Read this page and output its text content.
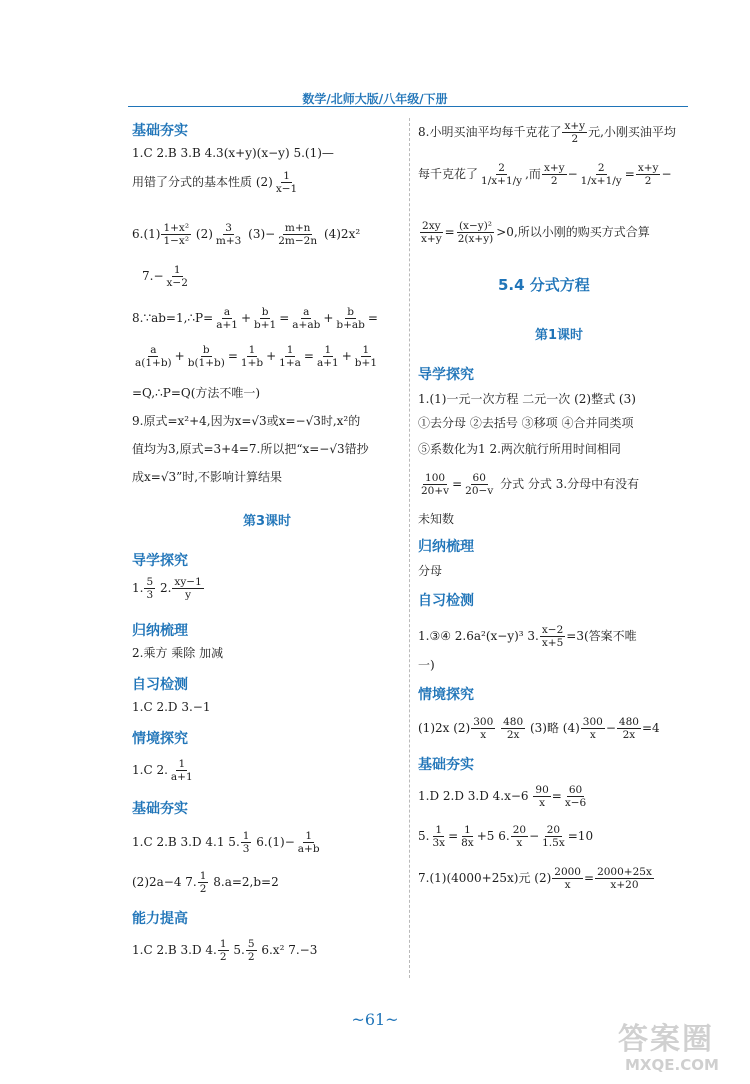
数学/北师大版/八年级/下册
基础夯实
1.C 2.B 3.B 4.3(x+y)(x−y) 5.(1)—
用错了分式的基本性质 $(2) \frac{1}{x-1}$
$6.(1) \frac{\text{1+x²}}{\text{1−x²}} (2) \frac{3}{m+3} (3)- \frac{m+n}{2m-2n} (4)2x^2$
$7.- \frac{1}{x-2}$
8.∵ab=1,∴P= $\frac{a}{a+1} + \frac{b}{b+1} = \frac{a}{a+ab} + \frac{b}{b+ab}$ =
$\frac{a}{a(1+b)} + \frac{b}{b(1+b)} = \frac{1}{1+b} + \frac{1}{1+a} = \frac{1}{a+1} + \frac{1}{b+1}$
=Q,∴P=Q(方法不唯一)
9.原式=x²+4,因为x=√3或x=−√3时,x²的
值均为3,原式=3+4=7.所以把“x=−√3错抄
成x=√3”时,不影响计算结果
第3课时
导学探究
1. $\frac{5}{3} 2$. $\frac{xy-1}{y}$
归纳梳理
2.乘方 乘除 加减
自习检测
1.C 2.D 3.−1
情境探究
1.C 2. $\frac{1}{a+1}$
基础夯实
1.C 2.B 3.D 4.1 5. $\frac{1}{3} 6.(1)- \frac{1}{a+b}$
(2)2a−4 7. $\frac{1}{2} 8.a=2,b=2$
能力提高
1.C 2.B 3.D 4. $\frac{1}{2} 5$. $\frac{5}{2} 6.x^2$ 7.−3
8.小明买油平均每千克花了 $\frac{x+y}{2}$ 元,小刚买油平均
每千克花了 $\frac{2}{1/x+1/y}$ ,而 $\frac{x+y}{2} - \frac{2}{1/x+1/y} = \frac{x+y}{2}$ −
$\frac{2xy}{x+y} = \frac{\text{(x−y)²}}{2(x+y)} >0$,所以小刚的购买方式合算
5.4 分式方程
第1课时
导学探究
1.(1)一元一次方程 二元一次 (2)整式 (3)
①去分母 ②去括号 ③移项 ④合并同类项
⑤系数化为1 2.两次航行所用时间相同
$\frac{100}{20+v} = \frac{60}{20-v}$ 分式 分式 3.分母中有没有
未知数
归纳梳理
分母
自习检测
1.③④ 2.6a²(x−y)³ 3. $\frac{x-2}{x+5} =3$(答案不唯
一)
情境探究
(1)2x $(2) \frac{300}{x}$
$\frac{480}{2x} (3)$略 $(4) \frac{300}{x} - \frac{480}{2x} =4$
基础夯实
1.D 2.D 3.D $4.x-6 \frac{90}{x} = \frac{60}{x-6}$
5. $\frac{1}{3x} = \frac{1}{8x} +5$ 6. $\frac{20}{x} - \frac{20}{1.5x} =10$
7.(1)(4000+25x)元 $(2) \frac{2000}{x} = \frac{2000+25x}{x+20}$
~61~
答案圈
MXQE.COM
